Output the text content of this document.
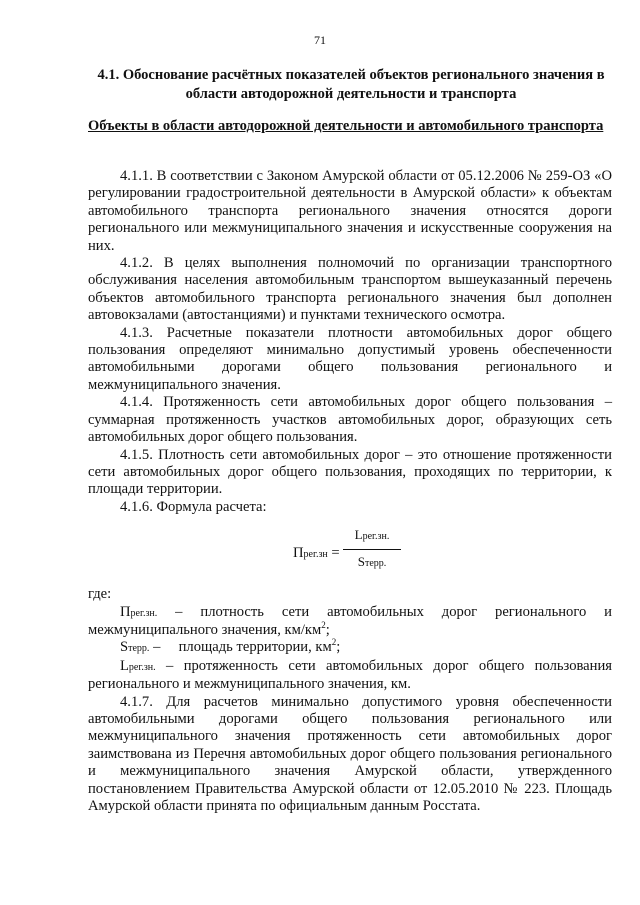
71
4.1. Обоснование расчётных показателей объектов регионального значения в области автодорожной деятельности и транспорта
Объекты в области автодорожной деятельности и автомобильного транспорта

4.1.1. В соответствии с Законом Амурской области от 05.12.2006 № 259-ОЗ «О регулировании градостроительной деятельности в Амурской области» к объектам автомобильного транспорта регионального значения относятся дороги регионального или межмуниципального значения и искусственные сооружения на них.

4.1.2. В целях выполнения полномочий по организации транспортного обслуживания населения автомобильным транспортом вышеуказанный перечень объектов автомобильного транспорта регионального значения был дополнен автовокзалами (автостанциями) и пунктами технического осмотра.

4.1.3. Расчетные показатели плотности автомобильных дорог общего пользования определяют минимально допустимый уровень обеспеченности автомобильными дорогами общего пользования регионального и межмуниципального значения.

4.1.4. Протяженность сети автомобильных дорог общего пользования – суммарная протяженность участков автомобильных дорог, образующих сеть автомобильных дорог общего пользования.

4.1.5. Плотность сети автомобильных дорог – это отношение протяженности сети автомобильных дорог общего пользования, проходящих по территории, к площади территории.

4.1.6. Формула расчета:

Прег.зн =
Lрег.зн.
Sтерр.

где:

Прег.зн. – плотность сети автомобильных дорог регионального и межмуниципального значения, $км/км^2$;

Sтерр. –     площадь территории, $км^2$;

Lрег.зн. – протяженность сети автомобильных дорог общего пользования регионального и межмуниципального значения, км.

4.1.7. Для расчетов минимально допустимого уровня обеспеченности автомобильными дорогами общего пользования регионального или межмуниципального значения протяженность сети автомобильных дорог заимствована из Перечня автомобильных дорог общего пользования регионального и межмуниципального значения Амурской области, утвержденного постановлением Правительства Амурской области от 12.05.2010 № 223. Площадь Амурской области принята по официальным данным Росстата.
